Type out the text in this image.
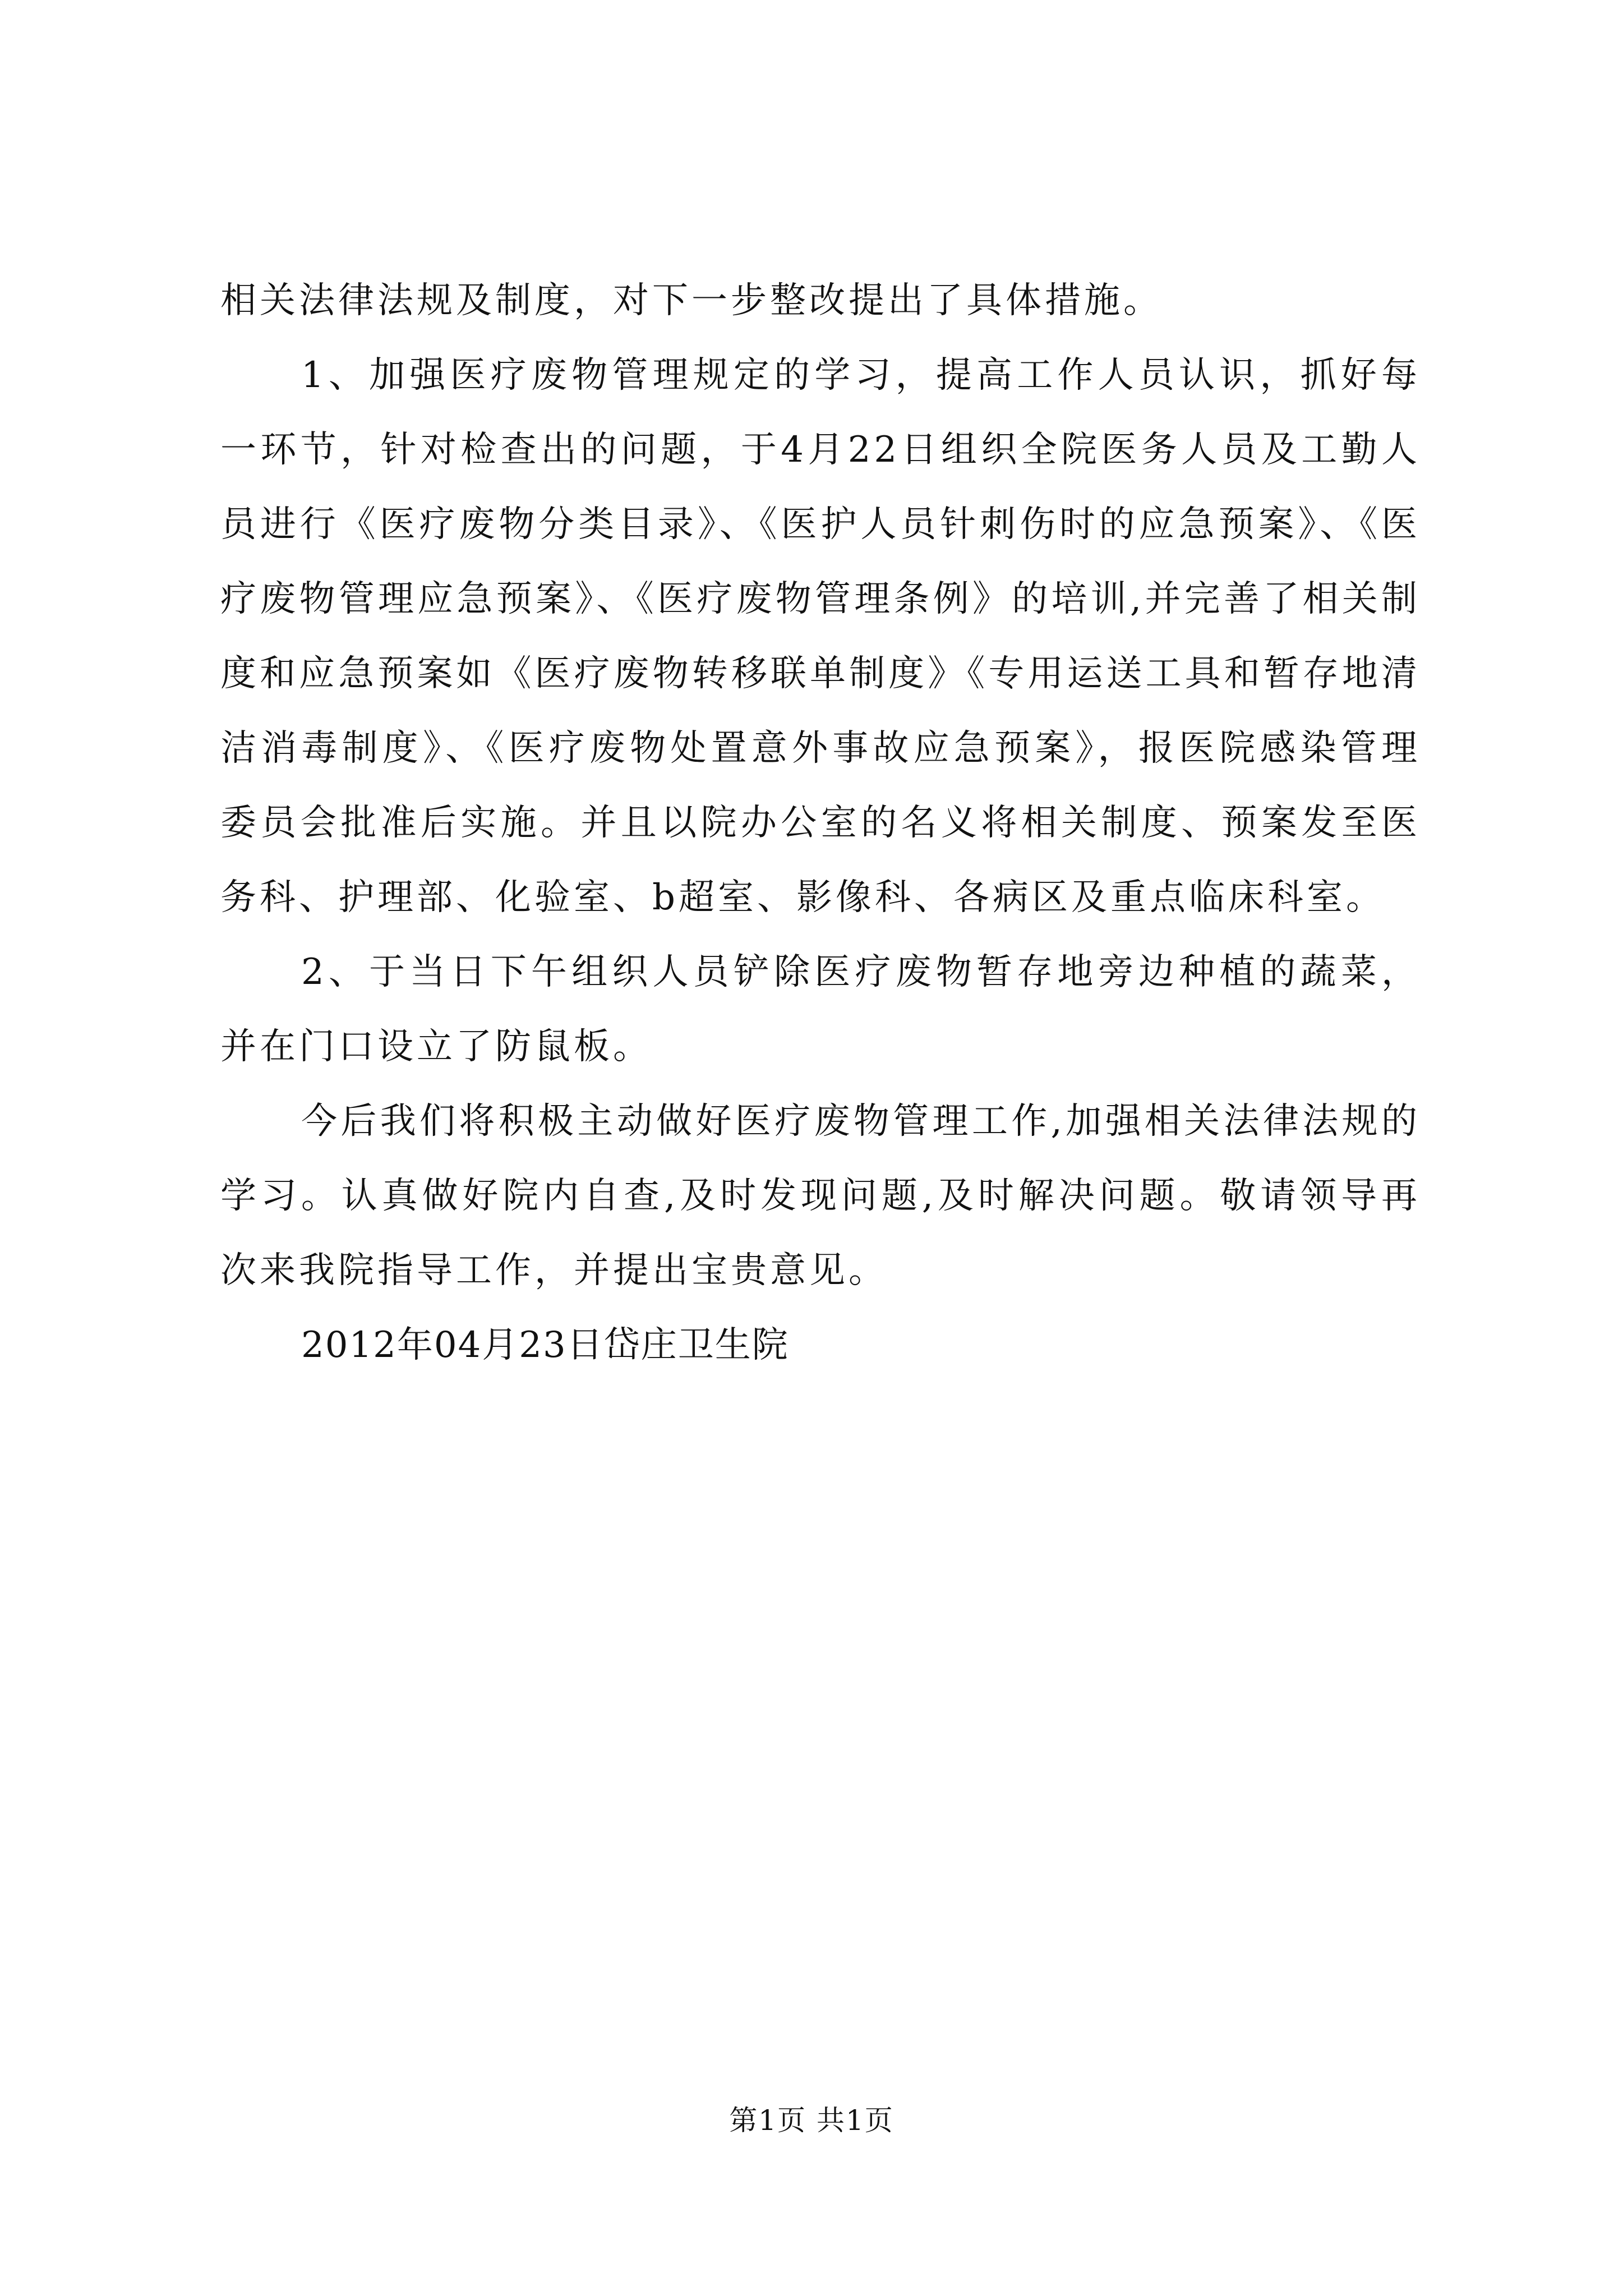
相关法律法规及制度，对下一步整改提出了具体措施。

1、加强医疗废物管理规定的学习，提高工作人员认识，抓好每一环节，针对检查出的问题，于4月22日组织全院医务人员及工勤人员进行《医疗废物分类目录》、《医护人员针刺伤时的应急预案》、《医疗废物管理应急预案》、《医疗废物管理条例》的培训,并完善了相关制度和应急预案如《医疗废物转移联单制度》《专用运送工具和暂存地清洁消毒制度》、《医疗废物处置意外事故应急预案》，报医院感染管理委员会批准后实施。并且以院办公室的名义将相关制度、预案发至医务科、护理部、化验室、b超室、影像科、各病区及重点临床科室。

2、于当日下午组织人员铲除医疗废物暂存地旁边种植的蔬菜，并在门口设立了防鼠板。

今后我们将积极主动做好医疗废物管理工作,加强相关法律法规的学习。认真做好院内自查,及时发现问题,及时解决问题。敬请领导再次来我院指导工作，并提出宝贵意见。

2012年04月23日岱庄卫生院

第1页 共1页
